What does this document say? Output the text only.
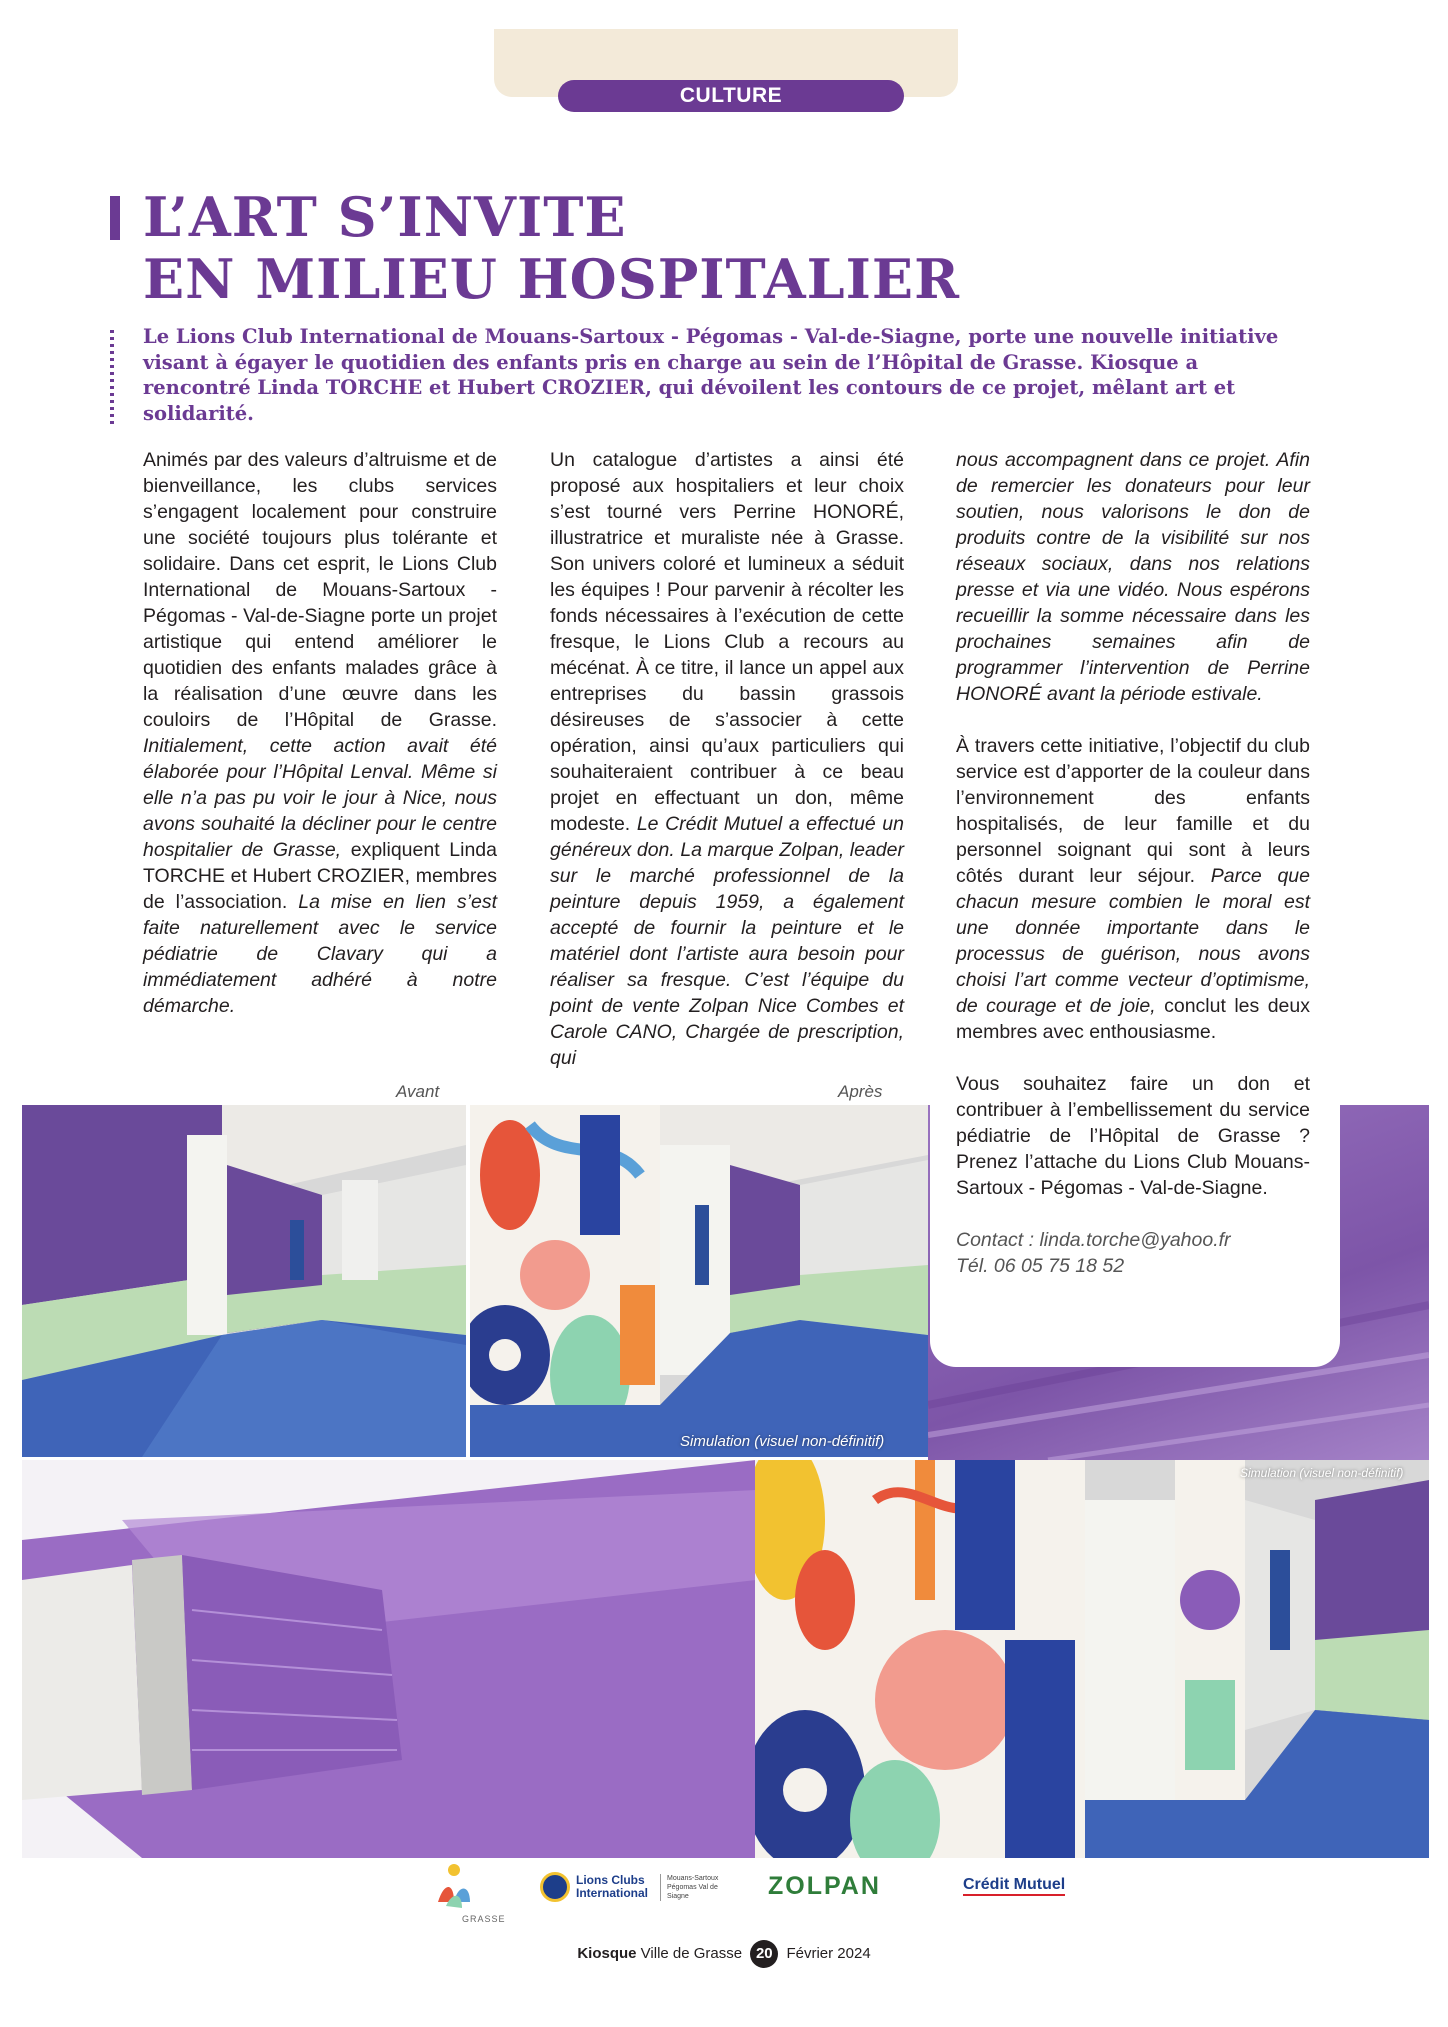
CULTURE
L’ART S’INVITE
EN MILIEU HOSPITALIER

Le Lions Club International de Mouans-Sartoux - Pégomas - Val-de-Siagne, porte une nouvelle initiative visant à égayer le quotidien des enfants pris en charge au sein de l’Hôpital de Grasse. Kiosque a rencontré Linda TORCHE et Hubert CROZIER, qui dévoilent les contours de ce projet, mêlant art et solidarité.

Animés par des valeurs d’altruisme et de bienveillance, les clubs services s’engagent localement pour construire une société toujours plus tolérante et solidaire. Dans cet esprit, le Lions Club International de Mouans-Sartoux - Pégomas - Val-de-Siagne porte un projet artistique qui entend améliorer le quotidien des enfants malades grâce à la réalisation d’une œuvre dans les couloirs de l’Hôpital de Grasse. Initialement, cette action avait été élaborée pour l’Hôpital Lenval. Même si elle n’a pas pu voir le jour à Nice, nous avons souhaité la décliner pour le centre hospitalier de Grasse, expliquent Linda TORCHE et Hubert CROZIER, membres de l’association. La mise en lien s’est faite naturellement avec le service pédiatrie de Clavary qui a immédiatement adhéré à notre démarche.

Un catalogue d’artistes a ainsi été proposé aux hospitaliers et leur choix s’est tourné vers Perrine HONORÉ, illustratrice et muraliste née à Grasse. Son univers coloré et lumineux a séduit les équipes ! Pour parvenir à récolter les fonds nécessaires à l’exécution de cette fresque, le Lions Club a recours au mécénat. À ce titre, il lance un appel aux entreprises du bassin grassois désireuses de s’associer à cette opération, ainsi qu’aux particuliers qui souhaiteraient contribuer à ce beau projet en effectuant un don, même modeste. Le Crédit Mutuel a effectué un généreux don. La marque Zolpan, leader sur le marché professionnel de la peinture depuis 1959, a également accepté de fournir la peinture et le matériel dont l’artiste aura besoin pour réaliser sa fresque. C’est l’équipe du point de vente Zolpan Nice Combes et Carole CANO, Chargée de prescription, qui

nous accompagnent dans ce projet. Afin de remercier les donateurs pour leur soutien, nous valorisons le don de produits contre de la visibilité sur nos réseaux sociaux, dans nos relations presse et via une vidéo. Nous espérons recueillir la somme nécessaire dans les prochaines semaines afin de programmer l’intervention de Perrine HONORÉ avant la période estivale.

À travers cette initiative, l’objectif du club service est d’apporter de la couleur dans l’environnement des enfants hospitalisés, de leur famille et du personnel soignant qui sont à leurs côtés durant leur séjour. Parce que chacun mesure combien le moral est une donnée importante dans le processus de guérison, nous avons choisi l’art comme vecteur d’optimisme, de courage et de joie, conclut les deux membres avec enthousiasme.

Vous souhaitez faire un don et contribuer à l’embellissement du service pédiatrie de l’Hôpital de Grasse ? Prenez l’attache du Lions Club Mouans-Sartoux - Pégomas - Val-de-Siagne.

Contact : linda.torche@yahoo.fr
Tél. 06 05 75 18 52

Avant	Après
Simulation (visuel non-définitif)
Simulation (visuel non-définitif)
GRASSE
Lions Clubs International
Mouans-Sartoux Pégomas Val de Siagne	ZOLPAN	Crédit Mutuel
Kiosque Ville de Grasse 20 Février 2024
